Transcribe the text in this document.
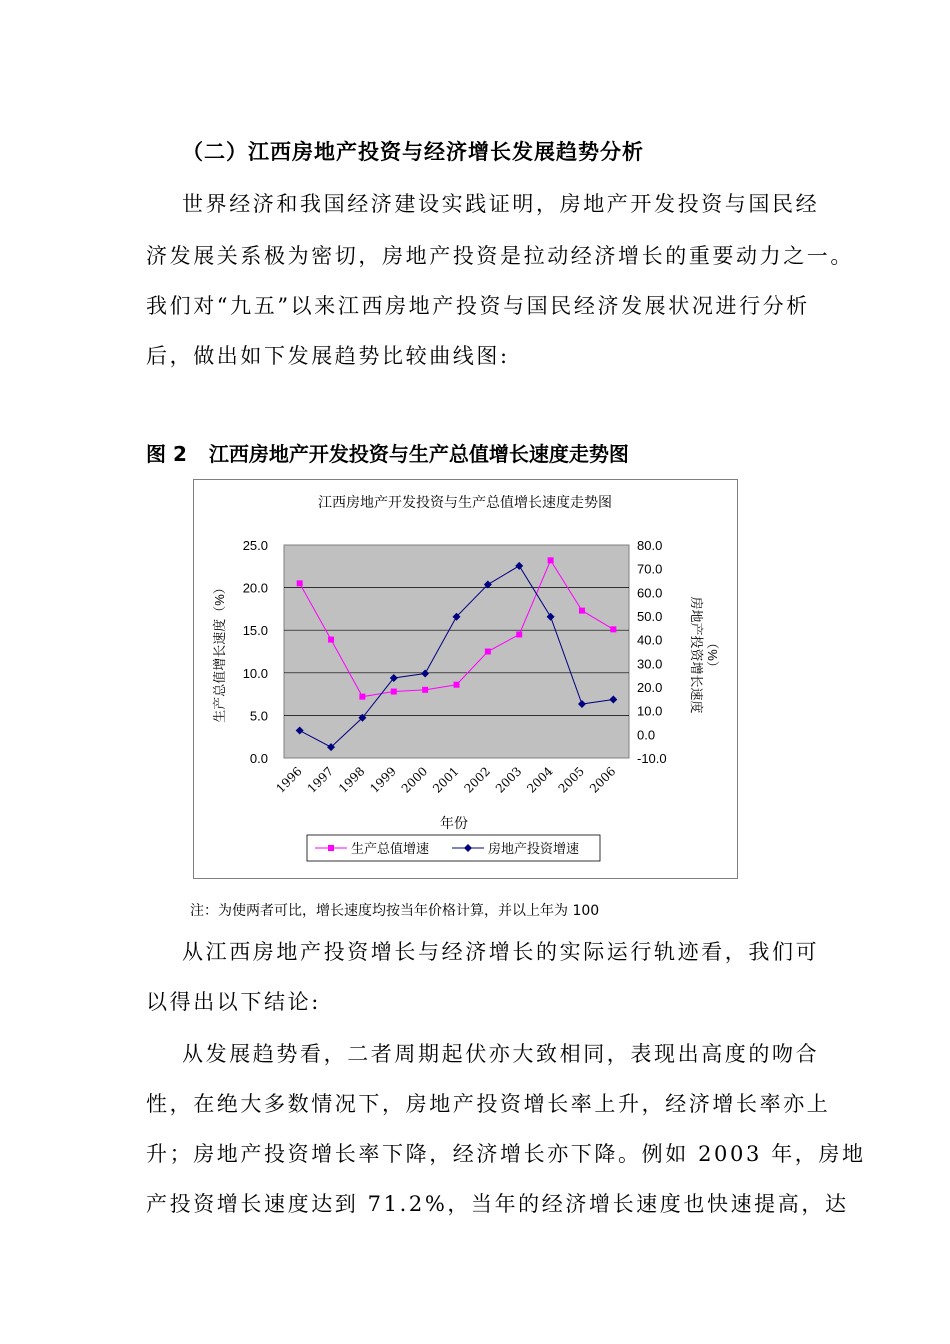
（二）江西房地产投资与经济增长发展趋势分析
世界经济和我国经济建设实践证明，房地产开发投资与国民经
济发展关系极为密切，房地产投资是拉动经济增长的重要动力之一。
我们对“九五”以来江西房地产投资与国民经济发展状况进行分析
后，做出如下发展趋势比较曲线图:
图 2 江西房地产开发投资与生产总值增长速度走势图
江西房地产开发投资与生产总值增长速度走势图
0.0
5.0
10.0
15.0
20.0
25.0
-10.0
0.0
10.0
20.0
30.0
40.0
50.0
60.0
70.0
80.0
1996 1997 1998 1999 2000 2001 2002 2003 2004 2005 2006
生产总值增长速度（%）	房地产投资增长速度 （%）
年份
生产总值增速	房地产投资增速
注：为使两者可比，增长速度均按当年价格计算，并以上年为 100
从江西房地产投资增长与经济增长的实际运行轨迹看，我们可
以得出以下结论:
从发展趋势看，二者周期起伏亦大致相同，表现出高度的吻合
性，在绝大多数情况下，房地产投资增长率上升，经济增长率亦上
升；房地产投资增长率下降，经济增长亦下降。例如 2003 年，房地
产投资增长速度达到 71.2%，当年的经济增长速度也快速提高，达
